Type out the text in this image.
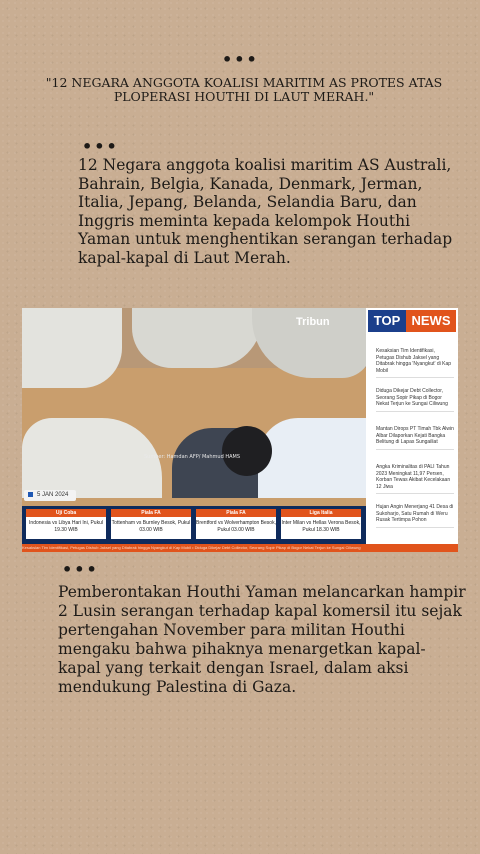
•••
"12 NEGARA ANGGOTA KOALISI MARITIM AS PROTES ATAS PLOPERASI HOUTHI DI LAUT MERAH."
•••
12 Negara anggota koalisi maritim AS Australi, Bahrain, Belgia, Kanada, Denmark, Jerman, Italia, Jepang, Belanda, Selandia Baru, dan Inggris meminta kepada kelompok Houthi Yaman untuk menghentikan serangan terhadap kapal-kapal di Laut Merah.
Tribun
Sumber: Hamdan AFP/ Mahmud HAMS
5 JAN 2024
Uji Coba
Indonesia vs Libya Hari Ini, Pukul 19.30 WIB
Piala FA
Tottenham vs Burnley Besok, Pukul 03.00 WIB
Piala FA
Brentford vs Wolverhampton Besok, Pukul 03.00 WIB
Liga Italia
Inter Milan vs Hellas Verona Besok, Pukul 18.30 WIB
TOP NEWS
Kesaksian Tim Identifikasi, Petugas Dishub Jaksel yang Ditabrak hingga 'Nyangkut' di Kap Mobil
Diduga Dikejar Debt Collector, Seorang Sopir Pikap di Bogor Nekat Terjun ke Sungai Ciliwung
Mantan Dirops PT Timah Tbk Alwin Albar Dilaporkan Kejati Bangka Belitung di Lapas Sungailiat
Angka Kriminalitas di PALI Tahun 2023 Meningkat 11,97 Persen, Korban Tewas Akibat Kecelakaan 12 Jiwa
Hujan Angin Menerjang 41 Desa di Sukoharjo, Satu Rumah di Weru Rusak Tertimpa Pohon
Kesaksian Tim Identifikasi, Petugas Dishub Jaksel yang Ditabrak hingga Nyangkut di Kap Mobil • Diduga Dikejar Debt Collector, Seorang Sopir Pikap di Bogor Nekat Terjun ke Sungai Ciliwung
•••
Pemberontakan Houthi Yaman melancarkan hampir 2 Lusin serangan terhadap kapal komersil itu sejak pertengahan November para militan Houthi mengaku bahwa pihaknya menargetkan kapal-kapal yang terkait dengan Israel, dalam aksi mendukung Palestina di Gaza.
